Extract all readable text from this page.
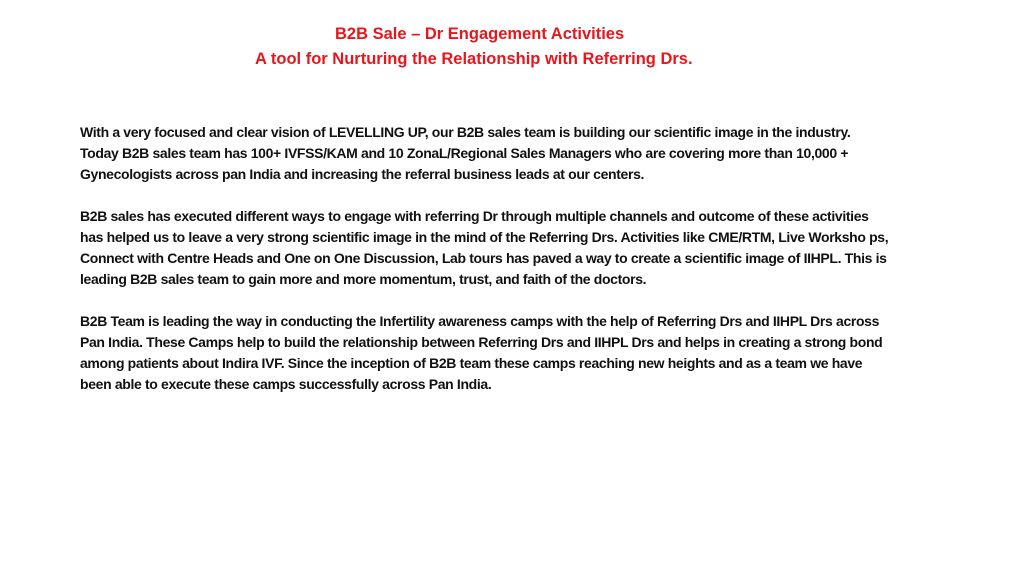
B2B Sale – Dr Engagement Activities
A tool for Nurturing the Relationship with Referring Drs.
With a very focused and clear vision of LEVELLING UP, our B2B sales team is building our scientific image in the industry.
Today B2B sales team has 100+ IVFSS/KAM and 10 ZonaL/Regional Sales Managers who are covering more than 10,000 +
Gynecologists across pan India and increasing the referral business leads at our centers.
B2B sales has executed different ways to engage with referring Dr through multiple channels and outcome of these activities
has helped us to leave a very strong scientific image in the mind of the Referring Drs. Activities like CME/RTM, Live Worksho ps,
Connect with Centre Heads and One on One Discussion, Lab tours has paved a way to create a scientific image of IIHPL. This is
leading B2B sales team to gain more and more momentum, trust, and faith of the doctors.
B2B Team is leading the way in conducting the Infertility awareness camps with the help of Referring Drs and IIHPL Drs across
Pan India. These Camps help to build the relationship between Referring Drs and IIHPL Drs and helps in creating a strong bond
among patients about Indira IVF. Since the inception of B2B team these camps reaching new heights and as a team we have
been able to execute these camps successfully across Pan India.
